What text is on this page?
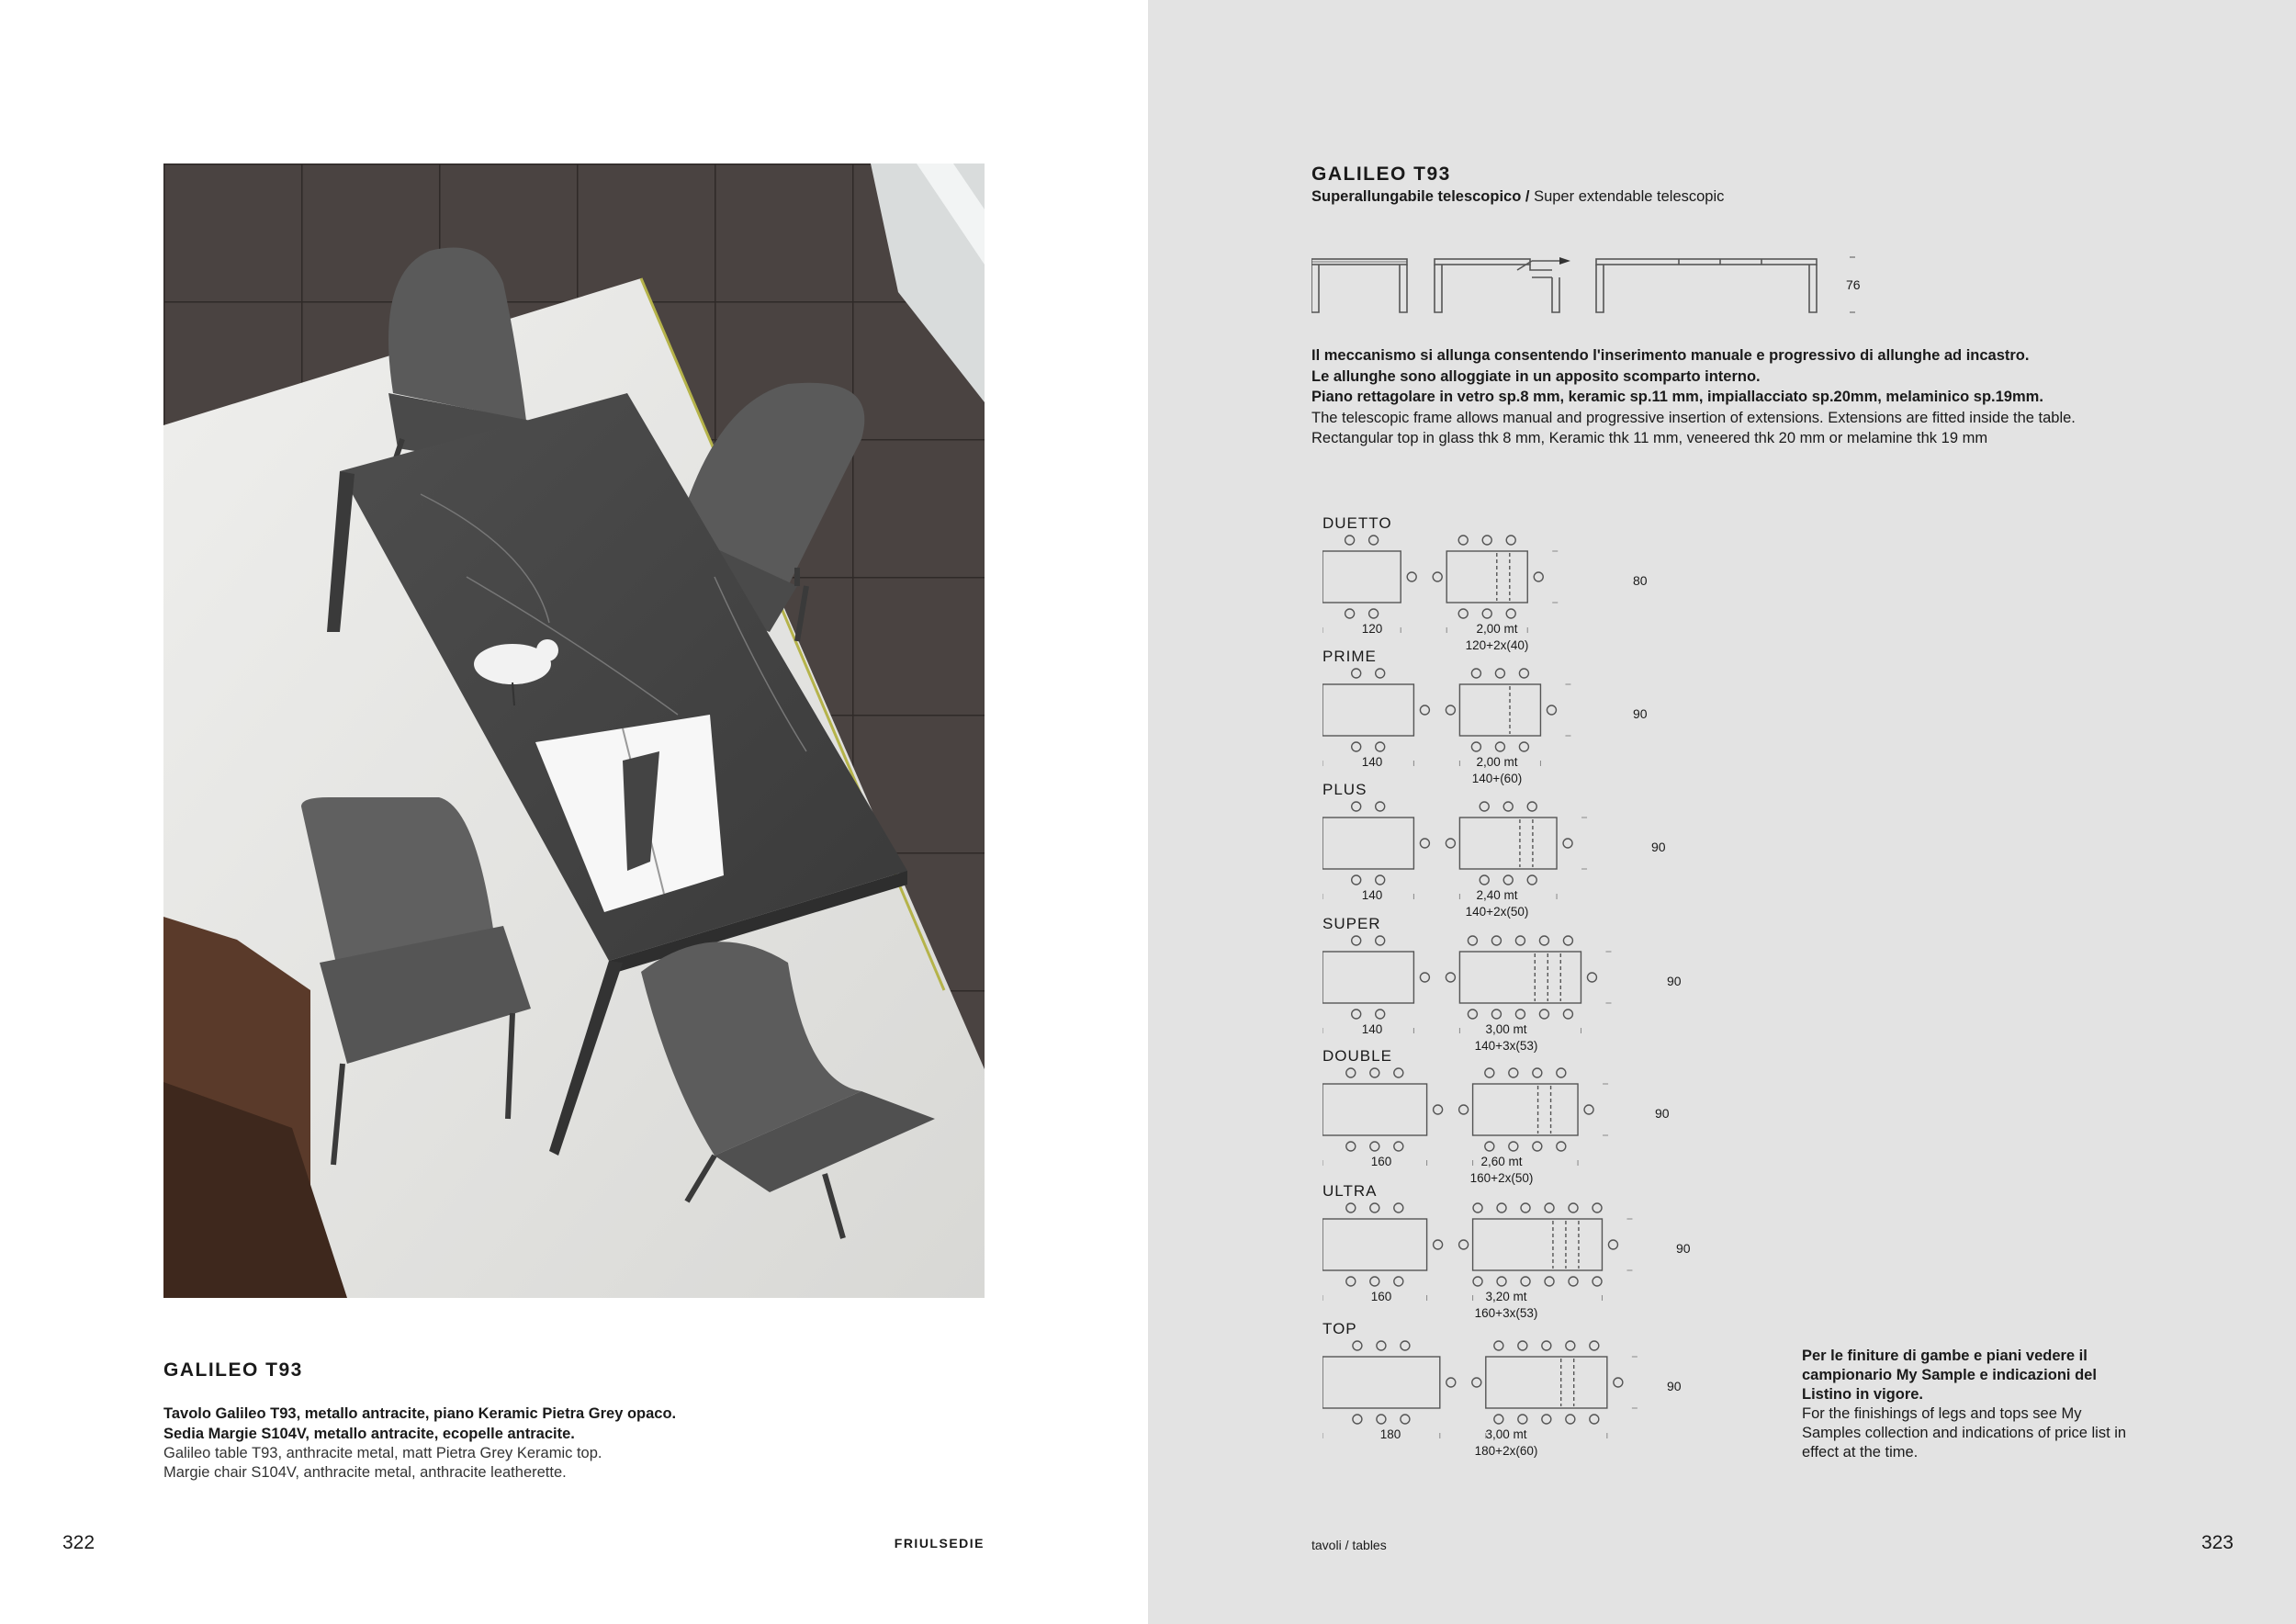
GALILEO T93
Tavolo Galileo T93, metallo antracite, piano Keramic Pietra Grey opaco.
Sedia Margie S104V, metallo antracite, ecopelle antracite.
Galileo table T93, anthracite metal, matt Pietra Grey Keramic top.
Margie chair S104V, anthracite metal, anthracite leatherette.
322	FRIULSEDIE
GALILEO T93
Superallungabile telescopico / Super extendable telescopic
76
Il meccanismo si allunga consentendo l'inserimento manuale e progressivo di allunghe ad incastro.
Le allunghe sono alloggiate in un apposito scomparto interno.
Piano rettagolare in vetro sp.8 mm, keramic sp.11 mm, impiallacciato sp.20mm, melaminico sp.19mm.
The telescopic frame allows manual and progressive insertion of extensions. Extensions are fitted inside the table.
Rectangular top in glass thk 8 mm, Keramic thk 11 mm, veneered thk 20 mm or melamine thk 19 mm
DUETTO
120	2,00 mt
120+2x(40)
80
PRIME
140	2,00 mt
140+(60)
90
PLUS
140	2,40 mt
140+2x(50)
90
SUPER
140	3,00 mt
140+3x(53)
90
DOUBLE
160	2,60 mt
160+2x(50)
90
ULTRA
160	3,20 mt
160+3x(53)
90
TOP
180	3,00 mt
180+2x(60)
90
Per le finiture di gambe e piani vedere il campionario My Sample e indicazioni del Listino in vigore.
For the finishings of legs and tops see My Samples collection and indications of price list in effect at the time.
tavoli / tables	323
